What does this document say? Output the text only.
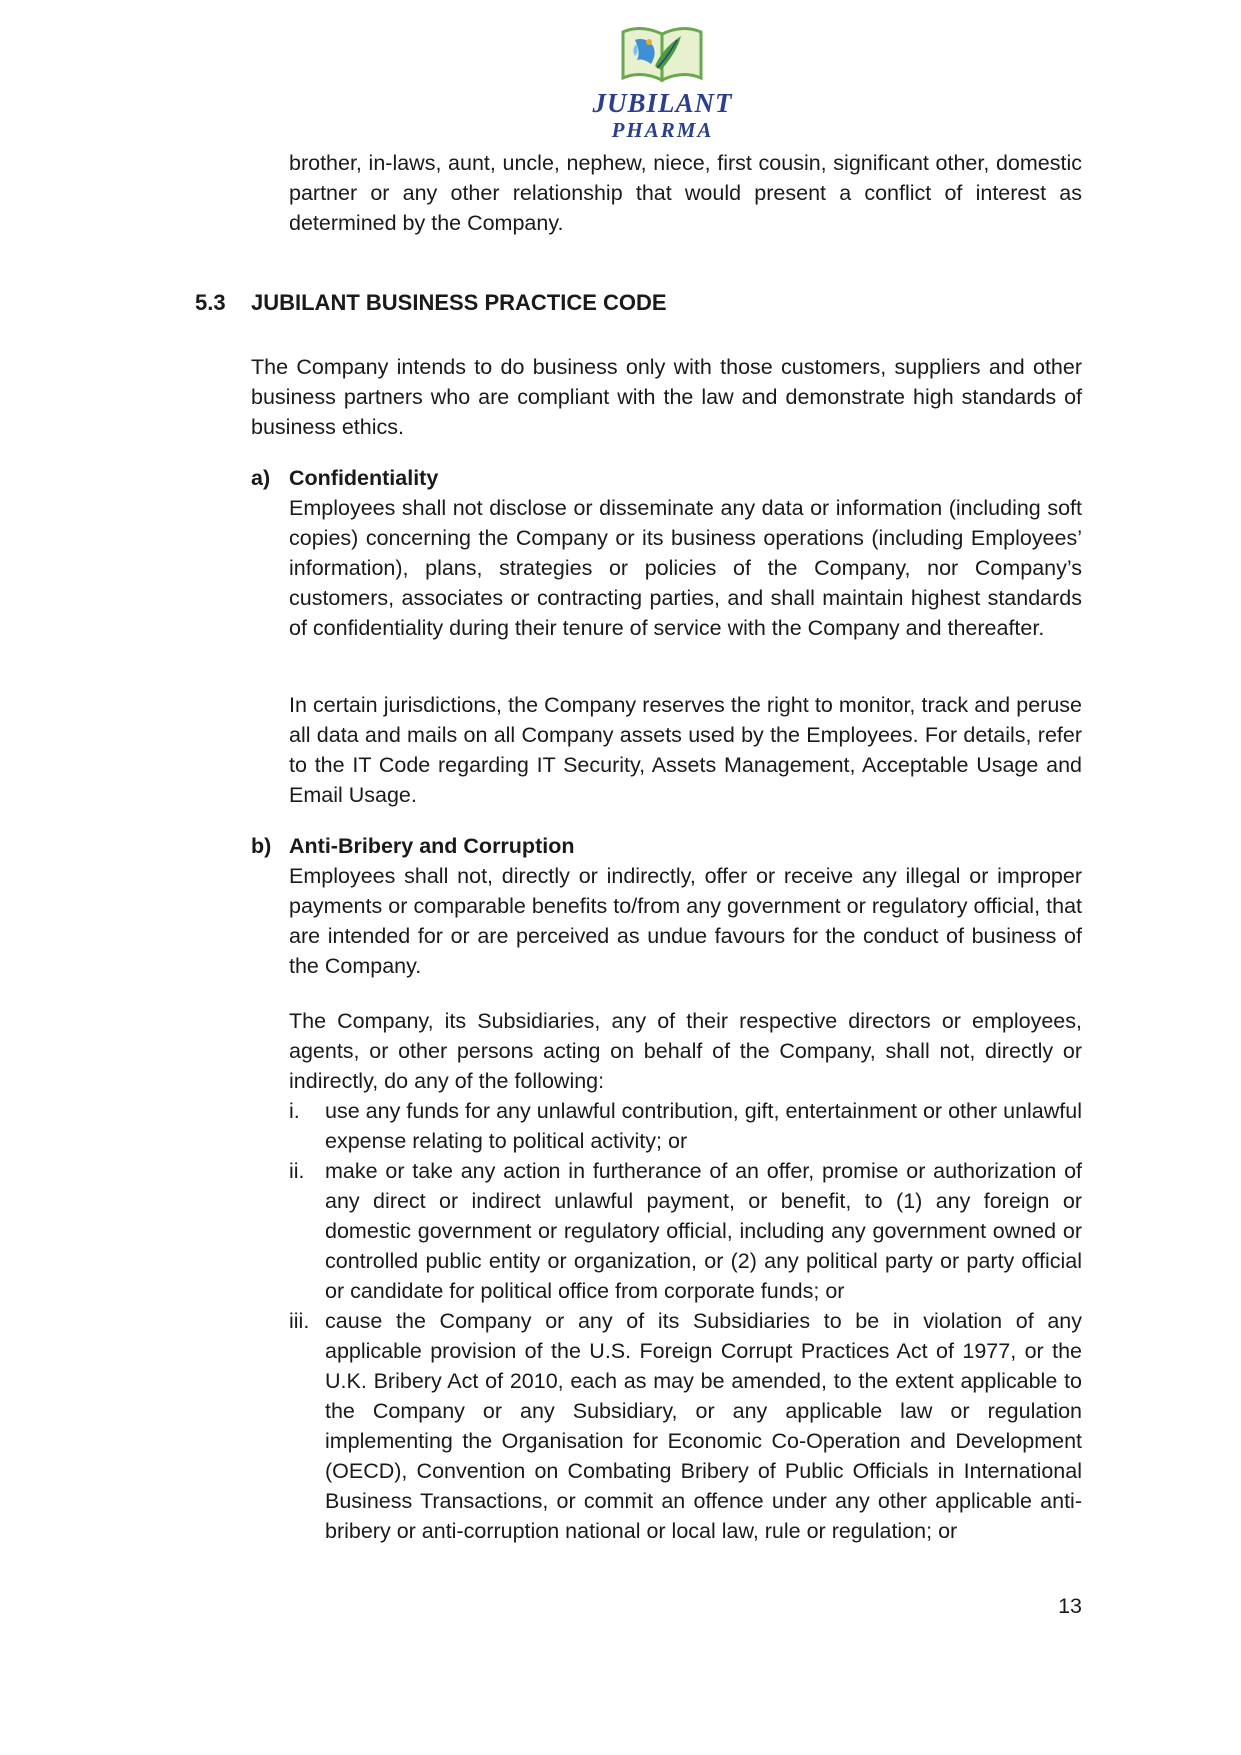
JUBILANT
PHARMA

brother, in-laws, aunt, uncle, nephew, niece, first cousin, significant other, domestic partner or any other relationship that would present a conflict of interest as determined by the Company.

5.3 JUBILANT BUSINESS PRACTICE CODE

The Company intends to do business only with those customers, suppliers and other business partners who are compliant with the law and demonstrate high standards of business ethics.

a) Confidentiality

Employees shall not disclose or disseminate any data or information (including soft copies) concerning the Company or its business operations (including Employees’ information), plans, strategies or policies of the Company, nor Company’s customers, associates or contracting parties, and shall maintain highest standards of confidentiality during their tenure of service with the Company and thereafter.

In certain jurisdictions, the Company reserves the right to monitor, track and peruse all data and mails on all Company assets used by the Employees. For details, refer to the IT Code regarding IT Security, Assets Management, Acceptable Usage and Email Usage.

b) Anti-Bribery and Corruption

Employees shall not, directly or indirectly, offer or receive any illegal or improper payments or comparable benefits to/from any government or regulatory official, that are intended for or are perceived as undue favours for the conduct of business of the Company.

The Company, its Subsidiaries, any of their respective directors or employees, agents, or other persons acting on behalf of the Company, shall not, directly or indirectly, do any of the following:

i. use any funds for any unlawful contribution, gift, entertainment or other unlawful expense relating to political activity; or

ii. make or take any action in furtherance of an offer, promise or authorization of any direct or indirect unlawful payment, or benefit, to (1) any foreign or domestic government or regulatory official, including any government owned or controlled public entity or organization, or (2) any political party or party official or candidate for political office from corporate funds; or

iii. cause the Company or any of its Subsidiaries to be in violation of any applicable provision of the U.S. Foreign Corrupt Practices Act of 1977, or the U.K. Bribery Act of 2010, each as may be amended, to the extent applicable to the Company or any Subsidiary, or any applicable law or regulation implementing the Organisation for Economic Co-Operation and Development (OECD), Convention on Combating Bribery of Public Officials in International Business Transactions, or commit an offence under any other applicable anti-bribery or anti-corruption national or local law, rule or regulation; or

13
